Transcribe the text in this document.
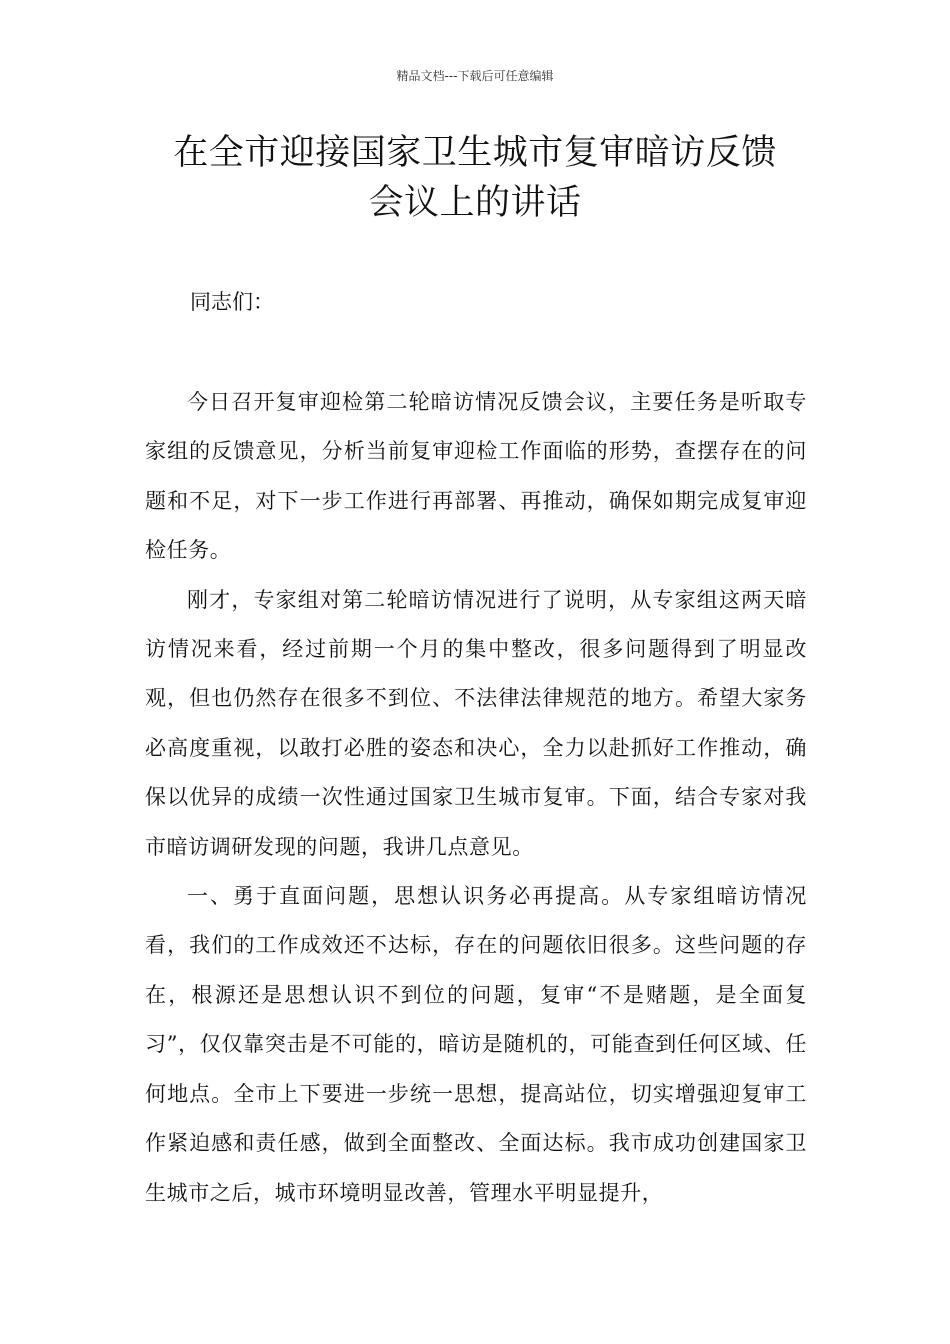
精品文档---下载后可任意编辑
在全市迎接国家卫生城市复审暗访反馈
会议上的讲话

同志们：

今日召开复审迎检第二轮暗访情况反馈会议，主要任务是听取专家组的反馈意见，分析当前复审迎检工作面临的形势，查摆存在的问题和不足，对下一步工作进行再部署、再推动，确保如期完成复审迎检任务。

刚才，专家组对第二轮暗访情况进行了说明，从专家组这两天暗访情况来看，经过前期一个月的集中整改，很多问题得到了明显改观，但也仍然存在很多不到位、不法律法律规范的地方。希望大家务必高度重视，以敢打必胜的姿态和决心，全力以赴抓好工作推动，确保以优异的成绩一次性通过国家卫生城市复审。下面，结合专家对我市暗访调研发现的问题，我讲几点意见。

一、勇于直面问题，思想认识务必再提高。从专家组暗访情况看，我们的工作成效还不达标，存在的问题依旧很多。这些问题的存在，根源还是思想认识不到位的问题，复审“不是赌题，是全面复习”，仅仅靠突击是不可能的，暗访是随机的，可能查到任何区域、任何地点。全市上下要进一步统一思想，提高站位，切实增强迎复审工作紧迫感和责任感，做到全面整改、全面达标。我市成功创建国家卫生城市之后，城市环境明显改善，管理水平明显提升，
